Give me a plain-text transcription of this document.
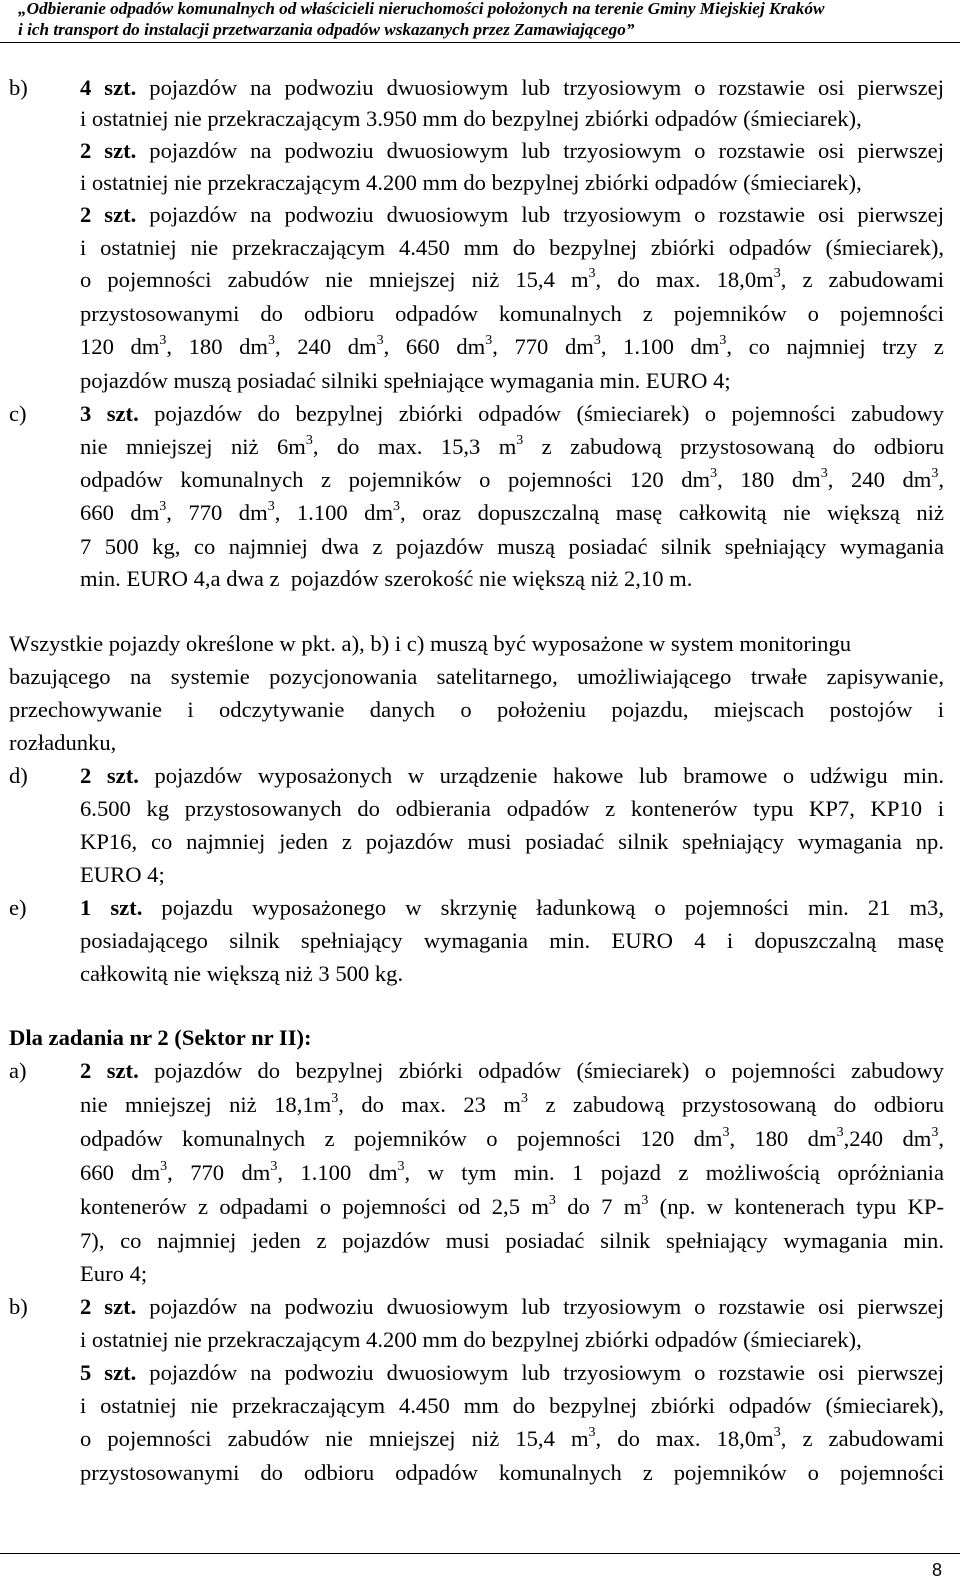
„Odbieranie odpadów komunalnych od właścicieli nieruchomości położonych na terenie Gminy Miejskiej Kraków
i ich transport do instalacji przetwarzania odpadów wskazanych przez Zamawiającego”
b) 4 szt. pojazdów na podwoziu dwuosiowym lub trzyosiowym o rozstawie osi pierwszej
i ostatniej nie przekraczającym 3.950 mm do bezpylnej zbiórki odpadów (śmieciarek),
2 szt. pojazdów na podwoziu dwuosiowym lub trzyosiowym o rozstawie osi pierwszej
i ostatniej nie przekraczającym 4.200 mm do bezpylnej zbiórki odpadów (śmieciarek),
2 szt. pojazdów na podwoziu dwuosiowym lub trzyosiowym o rozstawie osi pierwszej
i ostatniej nie przekraczającym 4.450 mm do bezpylnej zbiórki odpadów (śmieciarek),
o pojemności zabudów nie mniejszej niż 15,4 $m^3$, do max. $18,0m^3$, z zabudowami
przystosowanymi do odbioru odpadów komunalnych z pojemników o pojemności
120 $dm^3$, 180 $dm^3$, 240 $dm^3$, 660 $dm^3$, 770 $dm^3$, 1.100 $dm^3$, co najmniej trzy z
pojazdów muszą posiadać silniki spełniające wymagania min. EURO 4;
c) 3 szt. pojazdów do bezpylnej zbiórki odpadów (śmieciarek) o pojemności zabudowy
nie mniejszej niż $6m^3$, do max. 15,3 $m^3$ z zabudową przystosowaną do odbioru
odpadów komunalnych z pojemników o pojemności 120 $dm^3$, 180 $dm^3$, 240 $dm^3$,
660 $dm^3$, 770 $dm^3$, 1.100 $dm^3$, oraz dopuszczalną masę całkowitą nie większą niż
7 500 kg, co najmniej dwa z pojazdów muszą posiadać silnik spełniający wymagania
min. EURO 4,a dwa z  pojazdów szerokość nie większą niż 2,10 m.
Wszystkie pojazdy określone w pkt. a), b) i c) muszą być wyposażone w system monitoringu
bazującego na systemie pozycjonowania satelitarnego, umożliwiającego trwałe zapisywanie,
przechowywanie i odczytywanie danych o położeniu pojazdu, miejscach postojów i
rozładunku,
d) 2 szt. pojazdów wyposażonych w urządzenie hakowe lub bramowe o udźwigu min.
6.500 kg przystosowanych do odbierania odpadów z kontenerów typu KP7, KP10 i
KP16, co najmniej jeden z pojazdów musi posiadać silnik spełniający wymagania np.
EURO 4;
e) 1 szt. pojazdu wyposażonego w skrzynię ładunkową o pojemności min. 21 m3,
posiadającego silnik spełniający wymagania min. EURO 4 i dopuszczalną masę
całkowitą nie większą niż 3 500 kg.
Dla zadania nr 2 (Sektor nr II):
a) 2 szt. pojazdów do bezpylnej zbiórki odpadów (śmieciarek) o pojemności zabudowy
nie mniejszej niż $18,1m^3$, do max. 23 $m^3$ z zabudową przystosowaną do odbioru
odpadów komunalnych z pojemników o pojemności 120 $dm^3$, 180 $dm^3,240$ $dm^3$,
660 $dm^3$, 770 $dm^3$, 1.100 $dm^3$, w tym min. 1 pojazd z możliwością opróżniania
kontenerów z odpadami o pojemności od 2,5 $m^3$ do 7 $m^3$ (np. w kontenerach typu KP-
7), co najmniej jeden z pojazdów musi posiadać silnik spełniający wymagania min.
Euro 4;
b) 2 szt. pojazdów na podwoziu dwuosiowym lub trzyosiowym o rozstawie osi pierwszej
i ostatniej nie przekraczającym 4.200 mm do bezpylnej zbiórki odpadów (śmieciarek),
5 szt. pojazdów na podwoziu dwuosiowym lub trzyosiowym o rozstawie osi pierwszej
i ostatniej nie przekraczającym 4.450 mm do bezpylnej zbiórki odpadów (śmieciarek),
o pojemności zabudów nie mniejszej niż 15,4 $m^3$, do max. $18,0m^3$, z zabudowami
przystosowanymi do odbioru odpadów komunalnych z pojemników o pojemności
8
